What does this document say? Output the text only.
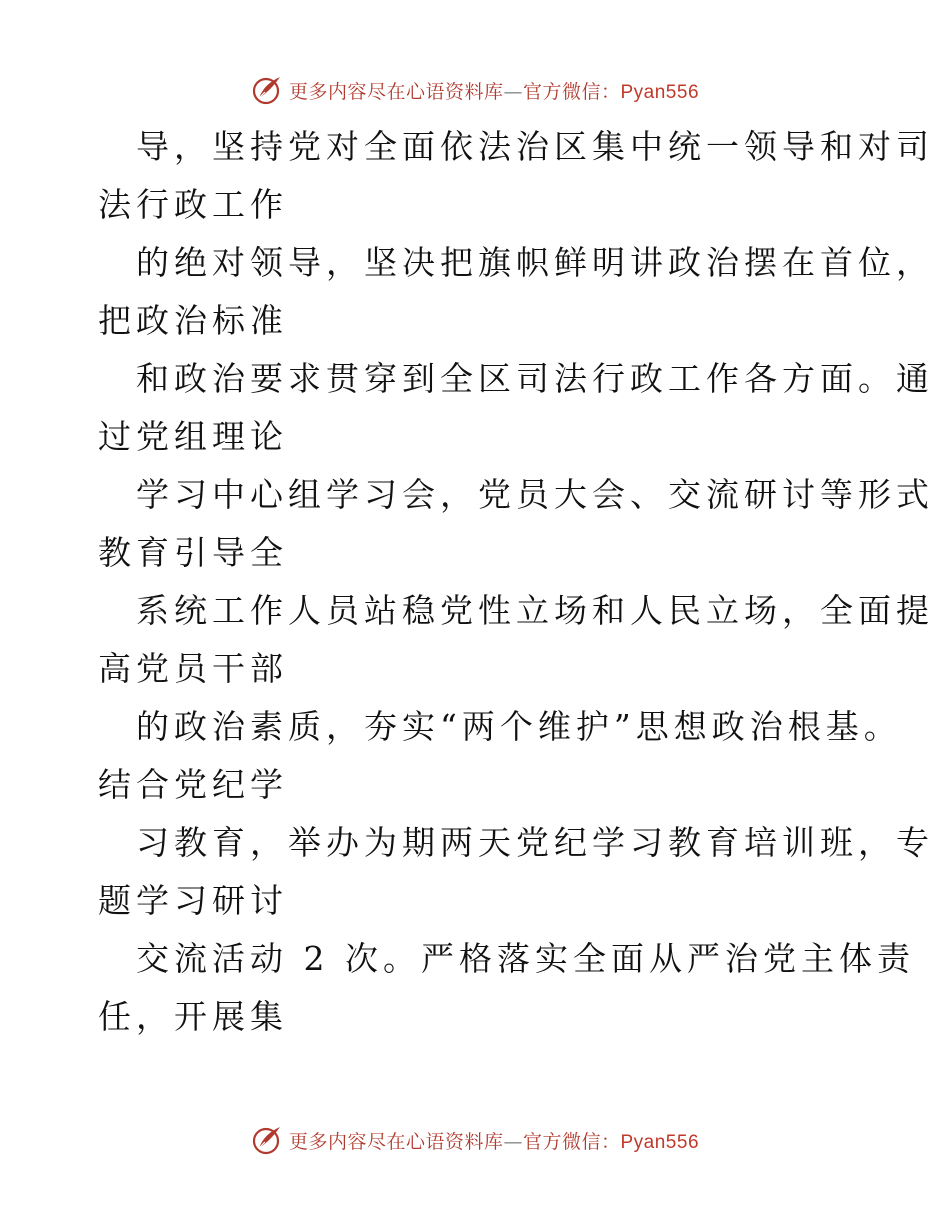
更多内容尽在心语资料库—官方微信：Pyan556
导，坚持党对全面依法治区集中统一领导和对司
法行政工作
的绝对领导，坚决把旗帜鲜明讲政治摆在首位，
把政治标准
和政治要求贯穿到全区司法行政工作各方面。通
过党组理论
学习中心组学习会，党员大会、交流研讨等形式
教育引导全
系统工作人员站稳党性立场和人民立场，全面提
高党员干部
的政治素质，夯实“两个维护”思想政治根基。
结合党纪学
习教育，举办为期两天党纪学习教育培训班，专
题学习研讨
交流活动 2 次。严格落实全面从严治党主体责
任，开展集
更多内容尽在心语资料库—官方微信：Pyan556
